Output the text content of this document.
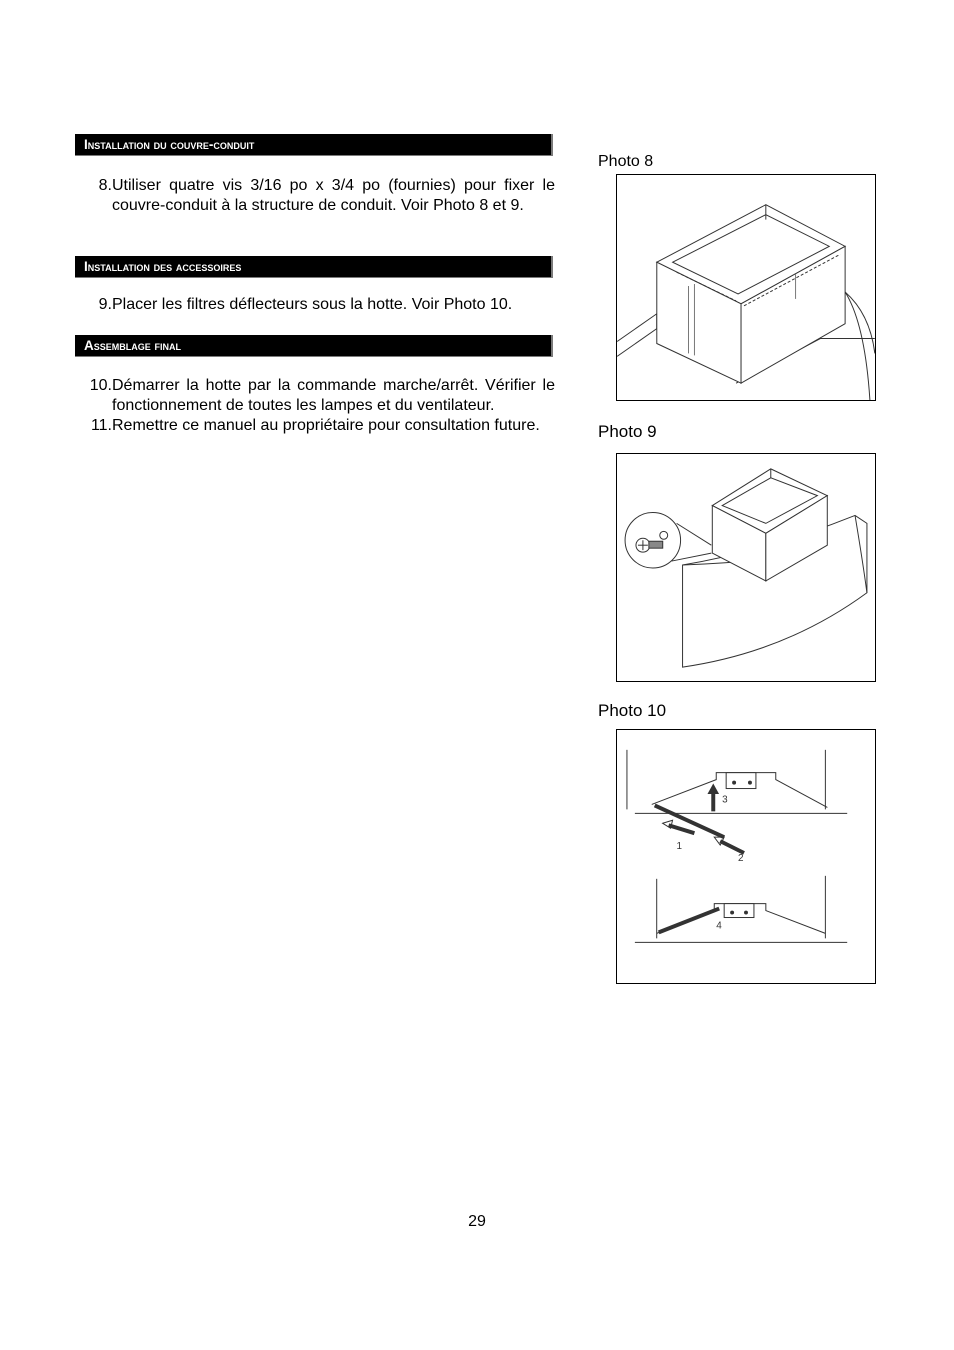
Installation du couvre-conduit
8. Utiliser quatre vis 3/16 po x 3/4 po (fournies) pour fixer le couvre-conduit à la structure de conduit. Voir Photo 8 et 9.
Installation des accessoires
9. Placer les filtres déflecteurs sous la hotte. Voir Photo 10.
Assemblage final
10. Démarrer la hotte par la commande marche/arrêt. Vérifier le fonctionnement de toutes les lampes et du ventilateur.
11. Remettre ce manuel au propriétaire pour consultation future.
Photo 8
Photo 9
Photo 10
3
1
2
4
29
